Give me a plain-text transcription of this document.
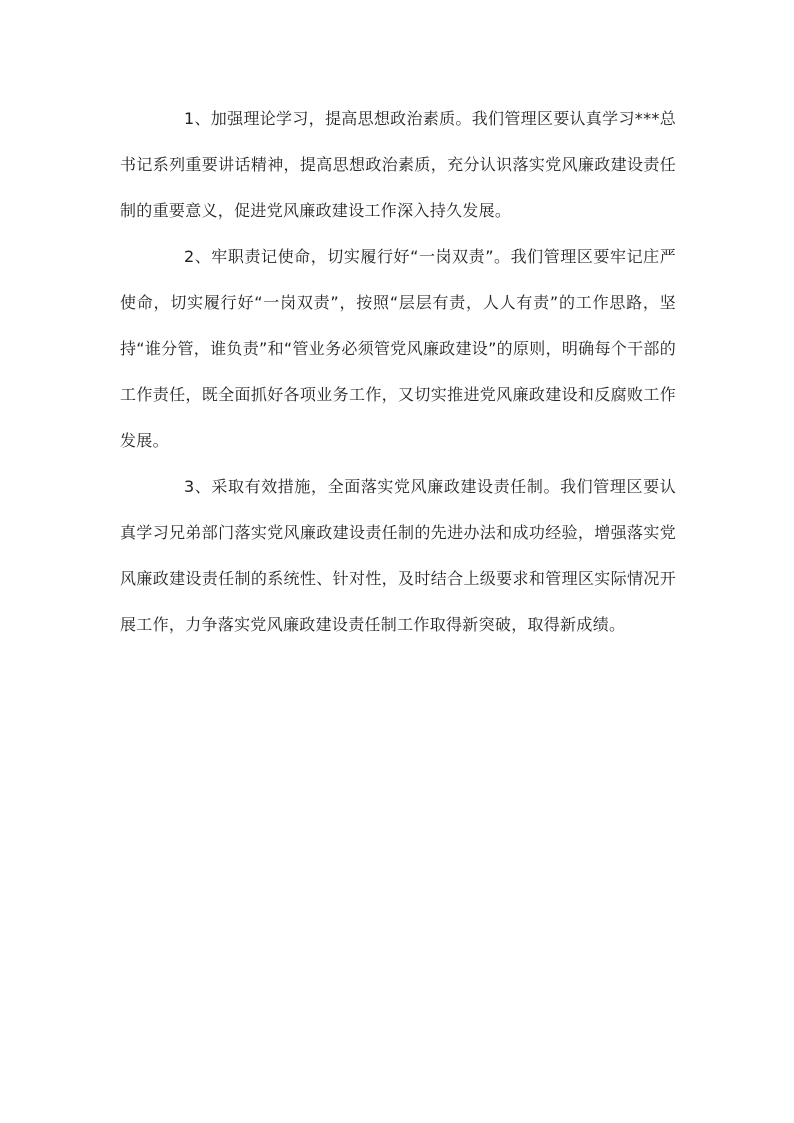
1、加强理论学习，提高思想政治素质。我们管理区要认真学习***总书记系列重要讲话精神，提高思想政治素质，充分认识落实党风廉政建设责任制的重要意义，促进党风廉政建设工作深入持久发展。

2、牢职责记使命，切实履行好“一岗双责”。我们管理区要牢记庄严使命，切实履行好“一岗双责”，按照“层层有责，人人有责”的工作思路，坚持“谁分管，谁负责”和“管业务必须管党风廉政建设”的原则，明确每个干部的工作责任，既全面抓好各项业务工作，又切实推进党风廉政建设和反腐败工作发展。

3、采取有效措施，全面落实党风廉政建设责任制。我们管理区要认真学习兄弟部门落实党风廉政建设责任制的先进办法和成功经验，增强落实党风廉政建设责任制的系统性、针对性，及时结合上级要求和管理区实际情况开展工作，力争落实党风廉政建设责任制工作取得新突破，取得新成绩。
